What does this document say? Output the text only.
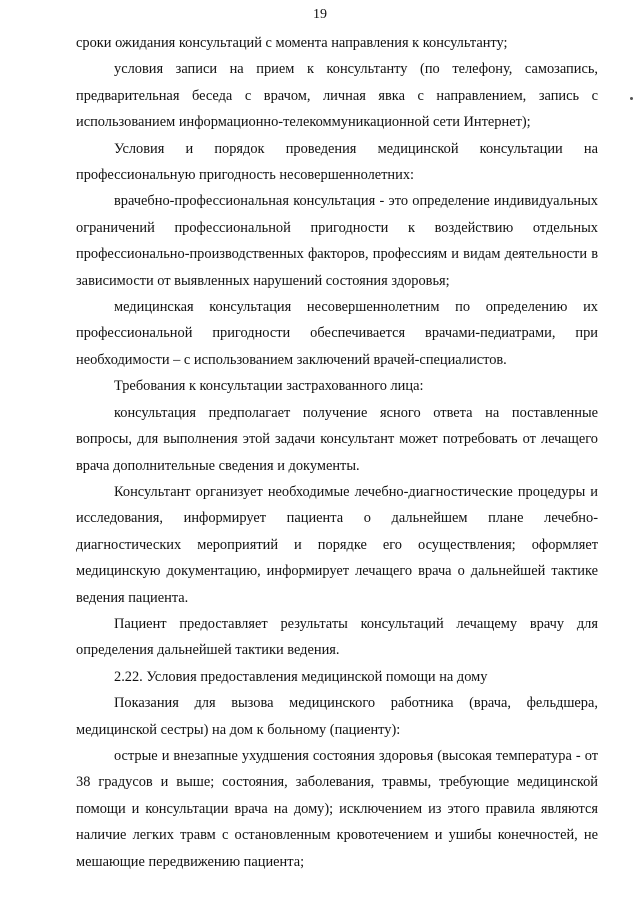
19

сроки ожидания консультаций с момента направления к консультанту;

условия записи на прием к консультанту (по телефону, самозапись, предварительная беседа с врачом, личная явка с направлением, запись с использованием информационно-телекоммуникационной сети Интернет);

Условия и порядок проведения медицинской консультации на профессиональную пригодность несовершеннолетних:

врачебно-профессиональная консультация - это определение индивидуальных ограничений профессиональной пригодности к воздействию отдельных профессионально-производственных факторов, профессиям и видам деятельности в зависимости от выявленных нарушений состояния здоровья;

медицинская консультация несовершеннолетним по определению их профессиональной пригодности обеспечивается врачами-педиатрами, при необходимости – с использованием заключений врачей-специалистов.

Требования к консультации застрахованного лица:

консультация предполагает получение ясного ответа на поставленные вопросы, для выполнения этой задачи консультант может потребовать от лечащего врача дополнительные сведения и документы.

Консультант организует необходимые лечебно-диагностические процедуры и исследования, информирует пациента о дальнейшем плане лечебно-диагностических мероприятий и порядке его осуществления; оформляет медицинскую документацию, информирует лечащего врача о дальнейшей тактике ведения пациента.

Пациент предоставляет результаты консультаций лечащему врачу для определения дальнейшей тактики ведения.

2.22. Условия предоставления медицинской помощи на дому

Показания для вызова медицинского работника (врача, фельдшера, медицинской сестры) на дом к больному (пациенту):

острые и внезапные ухудшения состояния здоровья (высокая температура - от 38 градусов и выше; состояния, заболевания, травмы, требующие медицинской помощи и консультации врача на дому); исключением из этого правила являются наличие легких травм с остановленным кровотечением и ушибы конечностей, не мешающие передвижению пациента;
